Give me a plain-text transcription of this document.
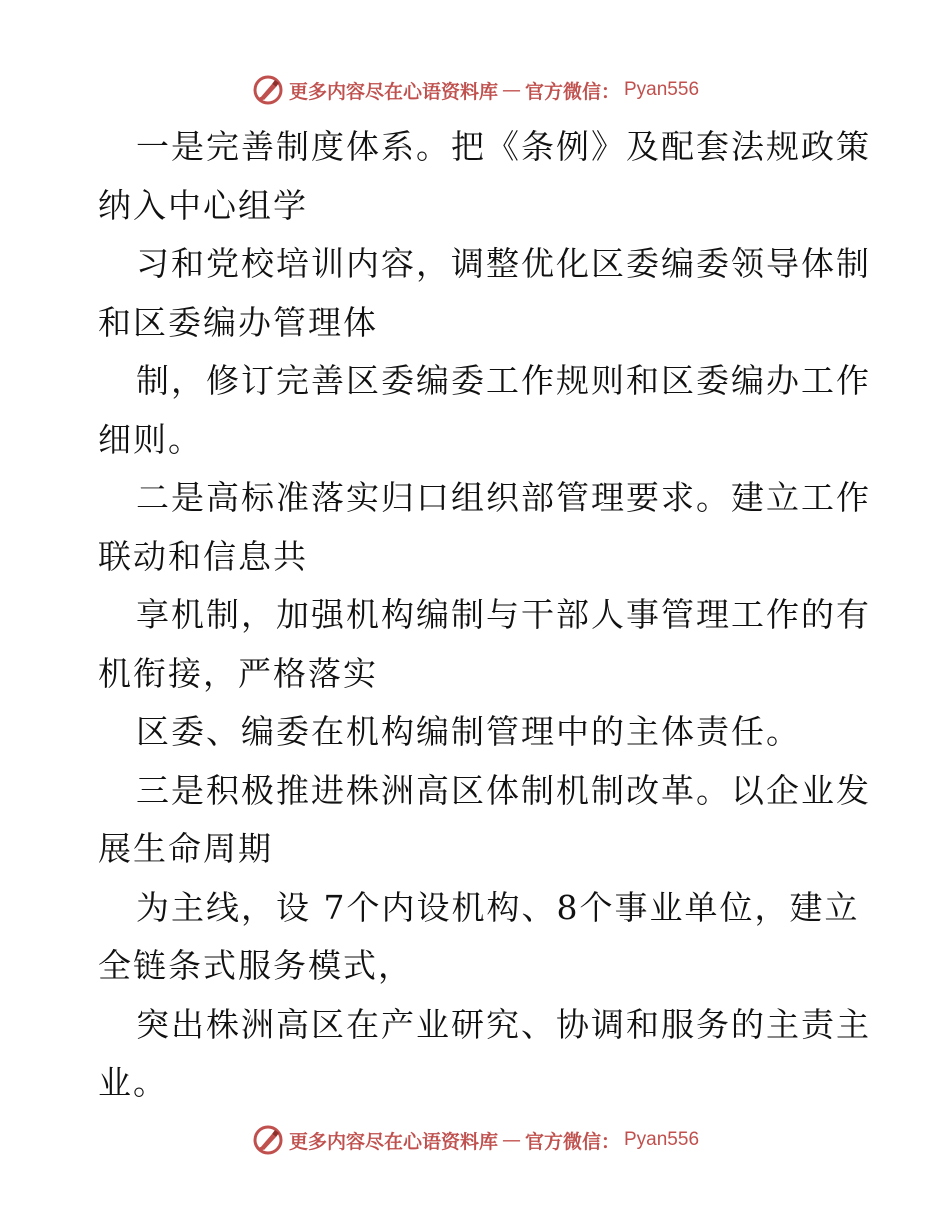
更多内容尽在心语资料库 — 官方微信： Pyan556
一是完善制度体系。把《条例》及配套法规政策
纳入中心组学
习和党校培训内容，调整优化区委编委领导体制
和区委编办管理体
制，修订完善区委编委工作规则和区委编办工作
细则。
二是高标准落实归口组织部管理要求。建立工作
联动和信息共
享机制，加强机构编制与干部人事管理工作的有
机衔接，严格落实
区委、编委在机构编制管理中的主体责任。
三是积极推进株洲高区体制机制改革。以企业发
展生命周期
为主线，设 7个内设机构、8个事业单位，建立
全链条式服务模式，
突出株洲高区在产业研究、协调和服务的主责主
业。
更多内容尽在心语资料库 — 官方微信： Pyan556
